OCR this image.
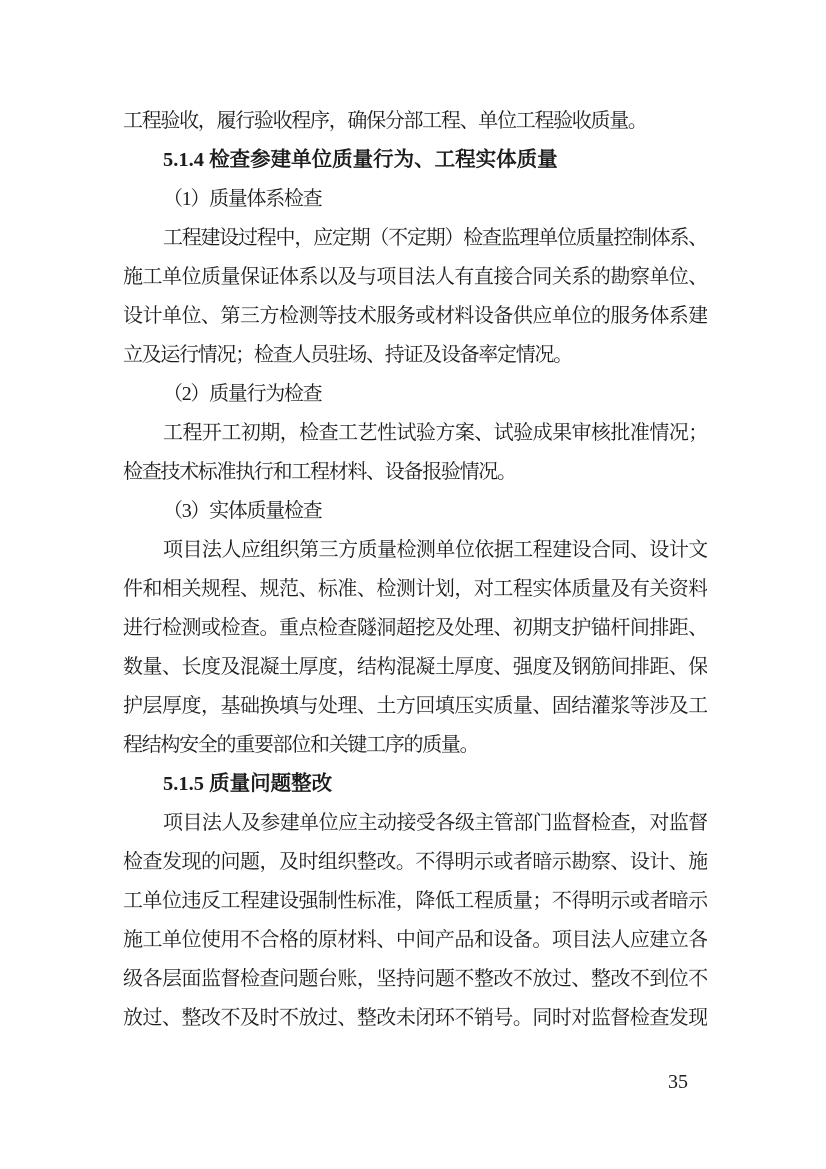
工程验收，履行验收程序，确保分部工程、单位工程验收质量。
5.1.4 检查参建单位质量行为、工程实体质量
（1）质量体系检查
工程建设过程中，应定期（不定期）检查监理单位质量控制体系、
施工单位质量保证体系以及与项目法人有直接合同关系的勘察单位、
设计单位、第三方检测等技术服务或材料设备供应单位的服务体系建
立及运行情况；检查人员驻场、持证及设备率定情况。
（2）质量行为检查
工程开工初期，检查工艺性试验方案、试验成果审核批准情况；
检查技术标准执行和工程材料、设备报验情况。
（3）实体质量检查
项目法人应组织第三方质量检测单位依据工程建设合同、设计文
件和相关规程、规范、标准、检测计划，对工程实体质量及有关资料
进行检测或检查。重点检查隧洞超挖及处理、初期支护锚杆间排距、
数量、长度及混凝土厚度，结构混凝土厚度、强度及钢筋间排距、保
护层厚度，基础换填与处理、土方回填压实质量、固结灌浆等涉及工
程结构安全的重要部位和关键工序的质量。
5.1.5 质量问题整改
项目法人及参建单位应主动接受各级主管部门监督检查，对监督
检查发现的问题，及时组织整改。不得明示或者暗示勘察、设计、施
工单位违反工程建设强制性标准，降低工程质量；不得明示或者暗示
施工单位使用不合格的原材料、中间产品和设备。项目法人应建立各
级各层面监督检查问题台账，坚持问题不整改不放过、整改不到位不
放过、整改不及时不放过、整改未闭环不销号。同时对监督检查发现
35
